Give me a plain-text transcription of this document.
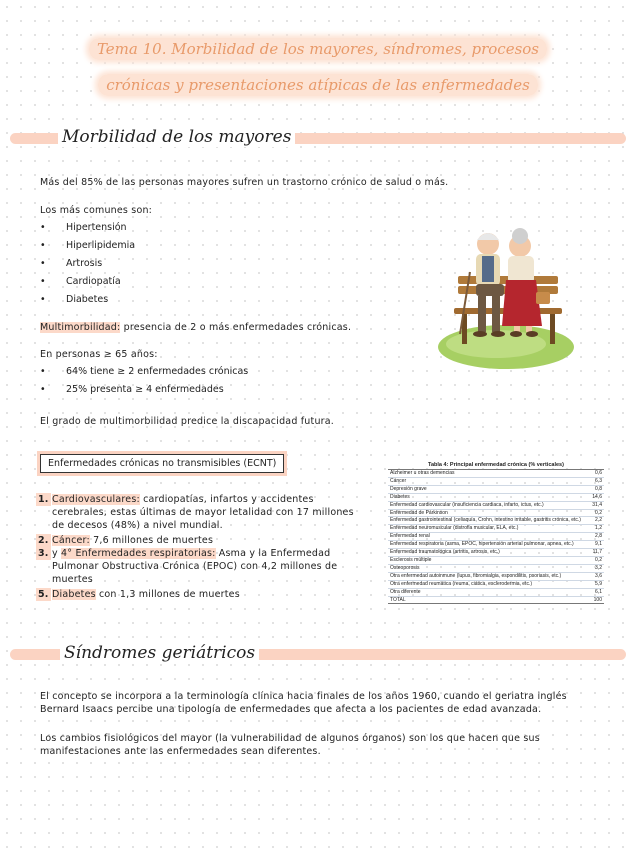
Tema 10. Morbilidad de los mayores, síndromes, procesos
crónicas y presentaciones atípicas de las enfermedades
Morbilidad de los mayores
Más del 85% de las personas mayores sufren un trastorno crónico de salud o más.
Los más comunes son:
• Hipertensión
• Hiperlipidemia
• Artrosis
• Cardiopatía
• Diabetes
Multimorbilidad: presencia de 2 o más enfermedades crónicas.
En personas ≥ 65 años:
• 64% tiene ≥ 2 enfermedades crónicas
• 25% presenta ≥ 4 enfermedades
El grado de multimorbilidad predice la discapacidad futura.
Enfermedades crónicas no transmisibles (ECNT)
1. Cardiovasculares: cardiopatías, infartos y accidentes cerebrales, estas últimas de mayor letalidad con 17 millones de decesos (48%) a nivel mundial.
2. Cáncer: 7,6 millones de muertes
3. y 4° Enfermedades respiratorias: Asma y la Enfermedad Pulmonar Obstructiva Crónica (EPOC) con 4,2 millones de muertes
5. Diabetes con 1,3 millones de muertes
Tabla 4: Principal enfermedad crónica (% verticales)
Alzheimer u otras demencias	0,6
Cáncer	6,3
Depresión grave	0,8
Diabetes	14,6
Enfermedad cardiovascular (insuficiencia cardiaca, infarto, ictus, etc.)	31,4
Enfermedad de Párkinson	0,2
Enfermedad gastrointestinal (celiaquía, Crohn, intestino irritable, gastritis crónica, etc.)	2,2
Enfermedad neuromuscular (distrofia muscular, ELA, etc.)	1,2
Enfermedad renal	2,8
Enfermedad respiratoria (asma, EPOC, hipertensión arterial pulmonar, apnea, etc.)	9,1
Enfermedad traumatológica (artritis, artrosis, etc.)	11,7
Esclerosis múltiple	0,2
Osteoporosis	3,2
Otra enfermedad autoinmune (lupus, fibromialgia, espondilitis, psoriasis, etc.)	3,6
Otra enfermedad reumática (reuma, ciática, esclerodermia, etc.)	5,9
Otra diferente	6,1
TOTAL	100
Síndromes geriátricos
El concepto se incorpora a la terminología clínica hacia finales de los años 1960, cuando el geriatra inglés Bernard Isaacs percibe una tipología de enfermedades que afecta a los pacientes de edad avanzada.
Los cambios fisiológicos del mayor (la vulnerabilidad de algunos órganos) son los que hacen que sus manifestaciones ante las enfermedades sean diferentes.
